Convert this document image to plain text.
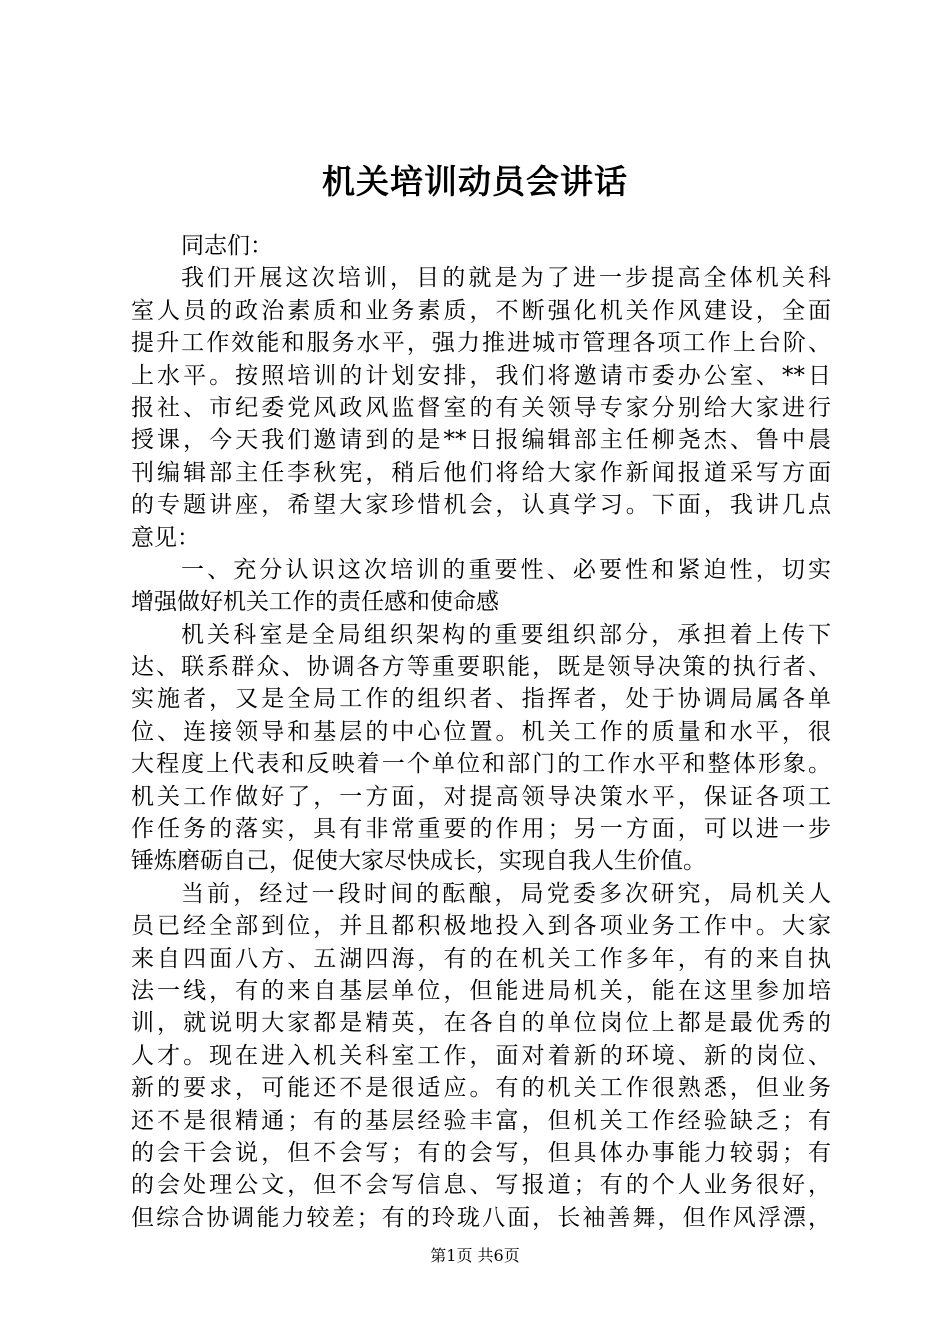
机关培训动员会讲话
同志们：
我们开展这次培训，目的就是为了进一步提高全体机关科
室人员的政治素质和业务素质，不断强化机关作风建设，全面
提升工作效能和服务水平，强力推进城市管理各项工作上台阶、
上水平。按照培训的计划安排，我们将邀请市委办公室、**日
报社、市纪委党风政风监督室的有关领导专家分别给大家进行
授课，今天我们邀请到的是**日报编辑部主任柳尧杰、鲁中晨
刊编辑部主任李秋宪，稍后他们将给大家作新闻报道采写方面
的专题讲座，希望大家珍惜机会，认真学习。下面，我讲几点
意见：
一、充分认识这次培训的重要性、必要性和紧迫性，切实
增强做好机关工作的责任感和使命感
机关科室是全局组织架构的重要组织部分，承担着上传下
达、联系群众、协调各方等重要职能，既是领导决策的执行者、
实施者，又是全局工作的组织者、指挥者，处于协调局属各单
位、连接领导和基层的中心位置。机关工作的质量和水平，很
大程度上代表和反映着一个单位和部门的工作水平和整体形象。
机关工作做好了，一方面，对提高领导决策水平，保证各项工
作任务的落实，具有非常重要的作用；另一方面，可以进一步
锤炼磨砺自己，促使大家尽快成长，实现自我人生价值。
当前，经过一段时间的酝酿，局党委多次研究，局机关人
员已经全部到位，并且都积极地投入到各项业务工作中。大家
来自四面八方、五湖四海，有的在机关工作多年，有的来自执
法一线，有的来自基层单位，但能进局机关，能在这里参加培
训，就说明大家都是精英，在各自的单位岗位上都是最优秀的
人才。现在进入机关科室工作，面对着新的环境、新的岗位、
新的要求，可能还不是很适应。有的机关工作很熟悉，但业务
还不是很精通；有的基层经验丰富，但机关工作经验缺乏；有
的会干会说，但不会写；有的会写，但具体办事能力较弱；有
的会处理公文，但不会写信息、写报道；有的个人业务很好，
但综合协调能力较差；有的玲珑八面，长袖善舞，但作风浮漂，
第1页 共6页
